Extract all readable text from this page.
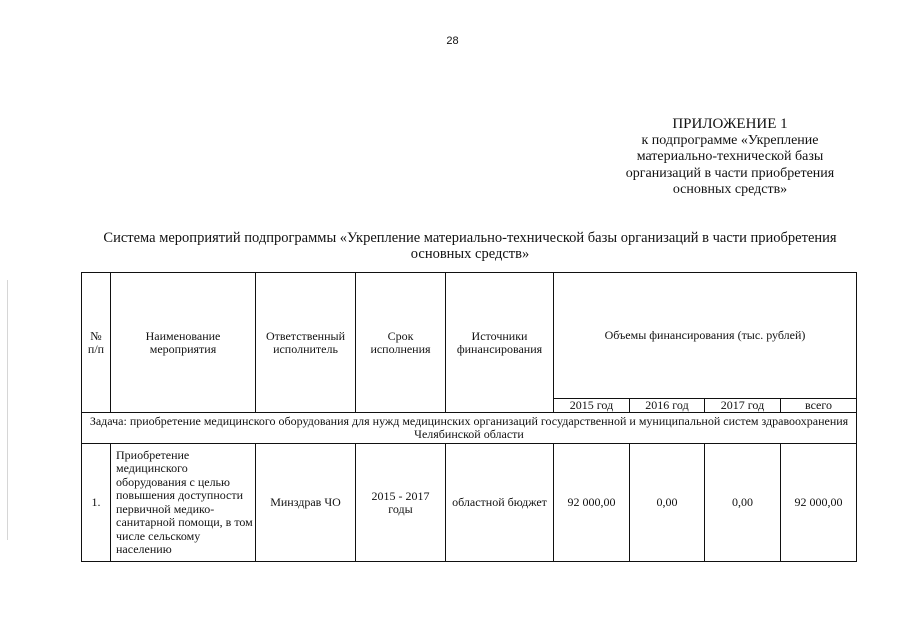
28
ПРИЛОЖЕНИЕ 1
к подпрограмме «Укрепление
материально-технической базы
организаций в части приобретения
основных средств»
Система мероприятий подпрограммы «Укрепление материально-технической базы организаций в части приобретения
основных средств»
№ п/п	Наименование мероприятия	Ответственный исполнитель	Срок исполнения	Источники финансирования	Объемы финансирования (тыс. рублей)			
					2015 год	2016 год	2017 год	всего
Задача: приобретение медицинского оборудования для нужд медицинских организаций государственной и муниципальной систем здравоохранения Челябинской области								
1.	Приобретение медицинского оборудования с целью повышения доступности первичной медико-санитарной помощи, в том числе сельскому населению	Минздрав ЧО	2015 - 2017 годы	областной бюджет	92 000,00	0,00	0,00	92 000,00
